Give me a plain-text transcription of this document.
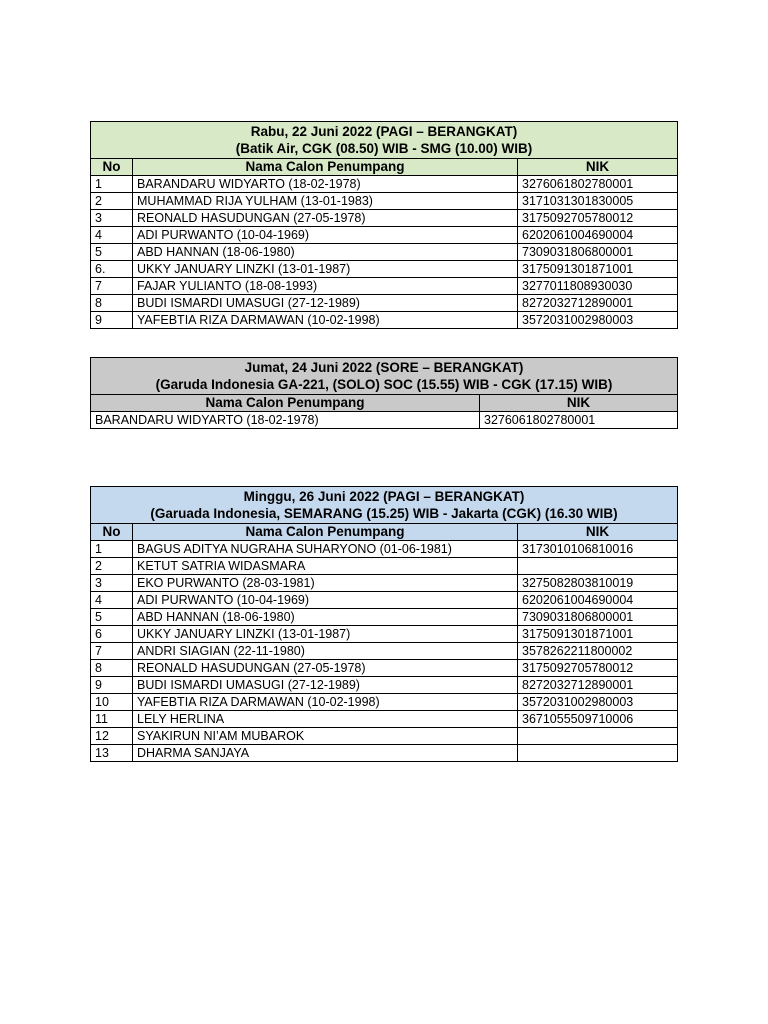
Rabu, 22 Juni 2022 (PAGI – BERANGKAT)
(Batik Air, CGK (08.50) WIB - SMG (10.00) WIB)		

No	Nama Calon Penumpang	NIK
1	BARANDARU WIDYARTO (18-02-1978)	3276061802780001
2	MUHAMMAD RIJA YULHAM (13-01-1983)	3171031301830005
3	REONALD HASUDUNGAN (27-05-1978)	3175092705780012
4	ADI PURWANTO (10-04-1969)	6202061004690004
5	ABD HANNAN (18-06-1980)	7309031806800001
6.	UKKY JANUARY LINZKI (13-01-1987)	3175091301871001
7	FAJAR YULIANTO (18-08-1993)	3277011808930030
8	BUDI ISMARDI UMASUGI (27-12-1989)	8272032712890001
9	YAFEBTIA RIZA DARMAWAN (10-02-1998)	3572031002980003
Jumat, 24 Juni 2022 (SORE – BERANGKAT)
(Garuda Indonesia GA-221, (SOLO) SOC (15.55) WIB - CGK (17.15) WIB)	

Nama Calon Penumpang	NIK
BARANDARU WIDYARTO (18-02-1978)	3276061802780001
Minggu, 26 Juni 2022 (PAGI – BERANGKAT)
(Garuada Indonesia, SEMARANG (15.25) WIB - Jakarta (CGK) (16.30 WIB)		

No	Nama Calon Penumpang	NIK
1	BAGUS ADITYA NUGRAHA SUHARYONO (01-06-1981)	3173010106810016
2	KETUT SATRIA WIDASMARA	
3	EKO PURWANTO (28-03-1981)	3275082803810019
4	ADI PURWANTO (10-04-1969)	6202061004690004
5	ABD HANNAN (18-06-1980)	7309031806800001
6	UKKY JANUARY LINZKI (13-01-1987)	3175091301871001
7	ANDRI SIAGIAN (22-11-1980)	3578262211800002
8	REONALD HASUDUNGAN (27-05-1978)	3175092705780012
9	BUDI ISMARDI UMASUGI (27-12-1989)	8272032712890001
10	YAFEBTIA RIZA DARMAWAN (10-02-1998)	3572031002980003
11	LELY HERLINA	3671055509710006
12	SYAKIRUN NI’AM MUBAROK	
13	DHARMA SANJAYA	
